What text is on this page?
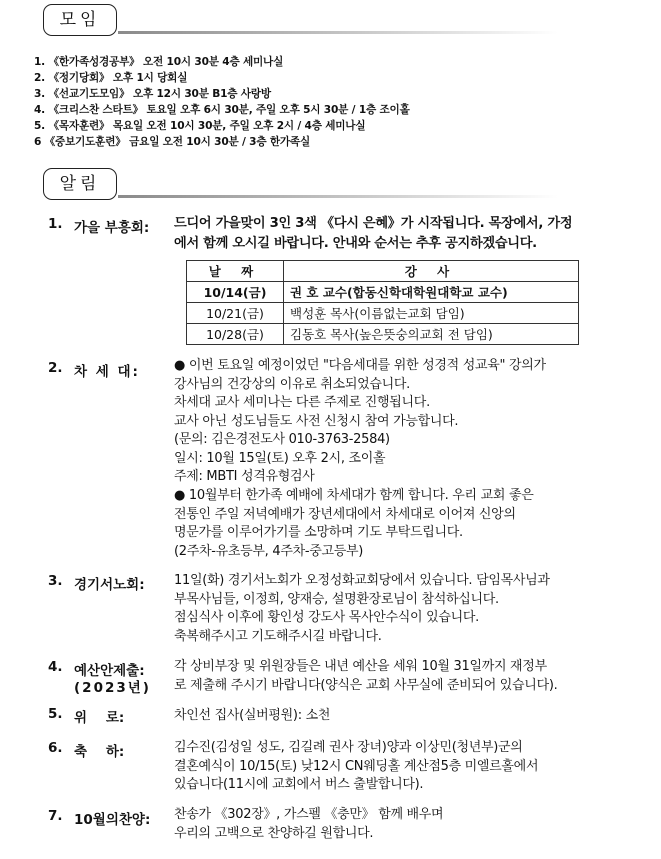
모임
1. 《한가족성경공부》 오전 10시 30분 4층 세미나실
2. 《정기당회》 오후 1시 당회실
3. 《선교기도모임》 오후 12시 30분 B1층 사랑방
4. 《크리스찬 스타트》 토요일 오후 6시 30분, 주일 오후 5시 30분 / 1층 조이홀
5. 《목자훈련》 목요일 오전 10시 30분, 주일 오후 2시 / 4층 세미나실
6 《중보기도훈련》 금요일 오전 10시 30분 / 3층 한가족실
알림
1. 가을 부흥회: 드디어 가을맞이 3인 3색 《다시 은혜》가 시작됩니다. 목장에서, 가정
에서 함께 오시길 바랍니다. 안내와 순서는 추후 공지하겠습니다.
날 짜	강 사
10/14(금)	권 호 교수(합동신학대학원대학교 교수)
10/21(금)	백성훈 목사(이름없는교회 담임)
10/28(금)	김동호 목사(높은뜻숭의교회 전 담임)
2. 차 세 대:	● 이번 토요일 예정이었던 "다음세대를 위한 성경적 성교육" 강의가
강사님의 건강상의 이유로 취소되었습니다.
차세대 교사 세미나는 다른 주제로 진행됩니다.
교사 아닌 성도님들도 사전 신청시 참여 가능합니다.
(문의: 김은경전도사 010-3763-2584)
일시: 10월 15일(토) 오후 2시, 조이홀
주제: MBTI 성격유형검사
● 10월부터 한가족 예배에 차세대가 함께 합니다. 우리 교회 좋은
전통인 주일 저녁예배가 장년세대에서 차세대로 이어져 신앙의
명문가를 이루어가기를 소망하며 기도 부탁드립니다.
(2주차-유초등부, 4주차-중고등부)
3. 경기서노회: 11일(화) 경기서노회가 오정성화교회당에서 있습니다. 담임목사님과
부목사님들, 이정희, 양재승, 설명환장로님이 참석하십니다.
점심식사 이후에 황인성 강도사 목사안수식이 있습니다.
축복해주시고 기도해주시길 바랍니다.
4. 예산안제출:
(2023년)
각 상비부장 및 위원장들은 내년 예산을 세워 10월 31일까지 재정부
로 제출해 주시기 바랍니다(양식은 교회 사무실에 준비되어 있습니다).
5. 위    로:	차인선 집사(실버평원): 소천
6. 축    하:	김수진(김성일 성도, 김길례 권사 장녀)양과 이상민(청년부)군의
결혼예식이 10/15(토) 낮12시 CN웨딩홀 계산점5층 미엘르홀에서
있습니다(11시에 교회에서 버스 출발합니다).
7. 10월의찬양: 찬송가 《302장》, 가스펠 《충만》 함께 배우며
우리의 고백으로 찬양하길 원합니다.
